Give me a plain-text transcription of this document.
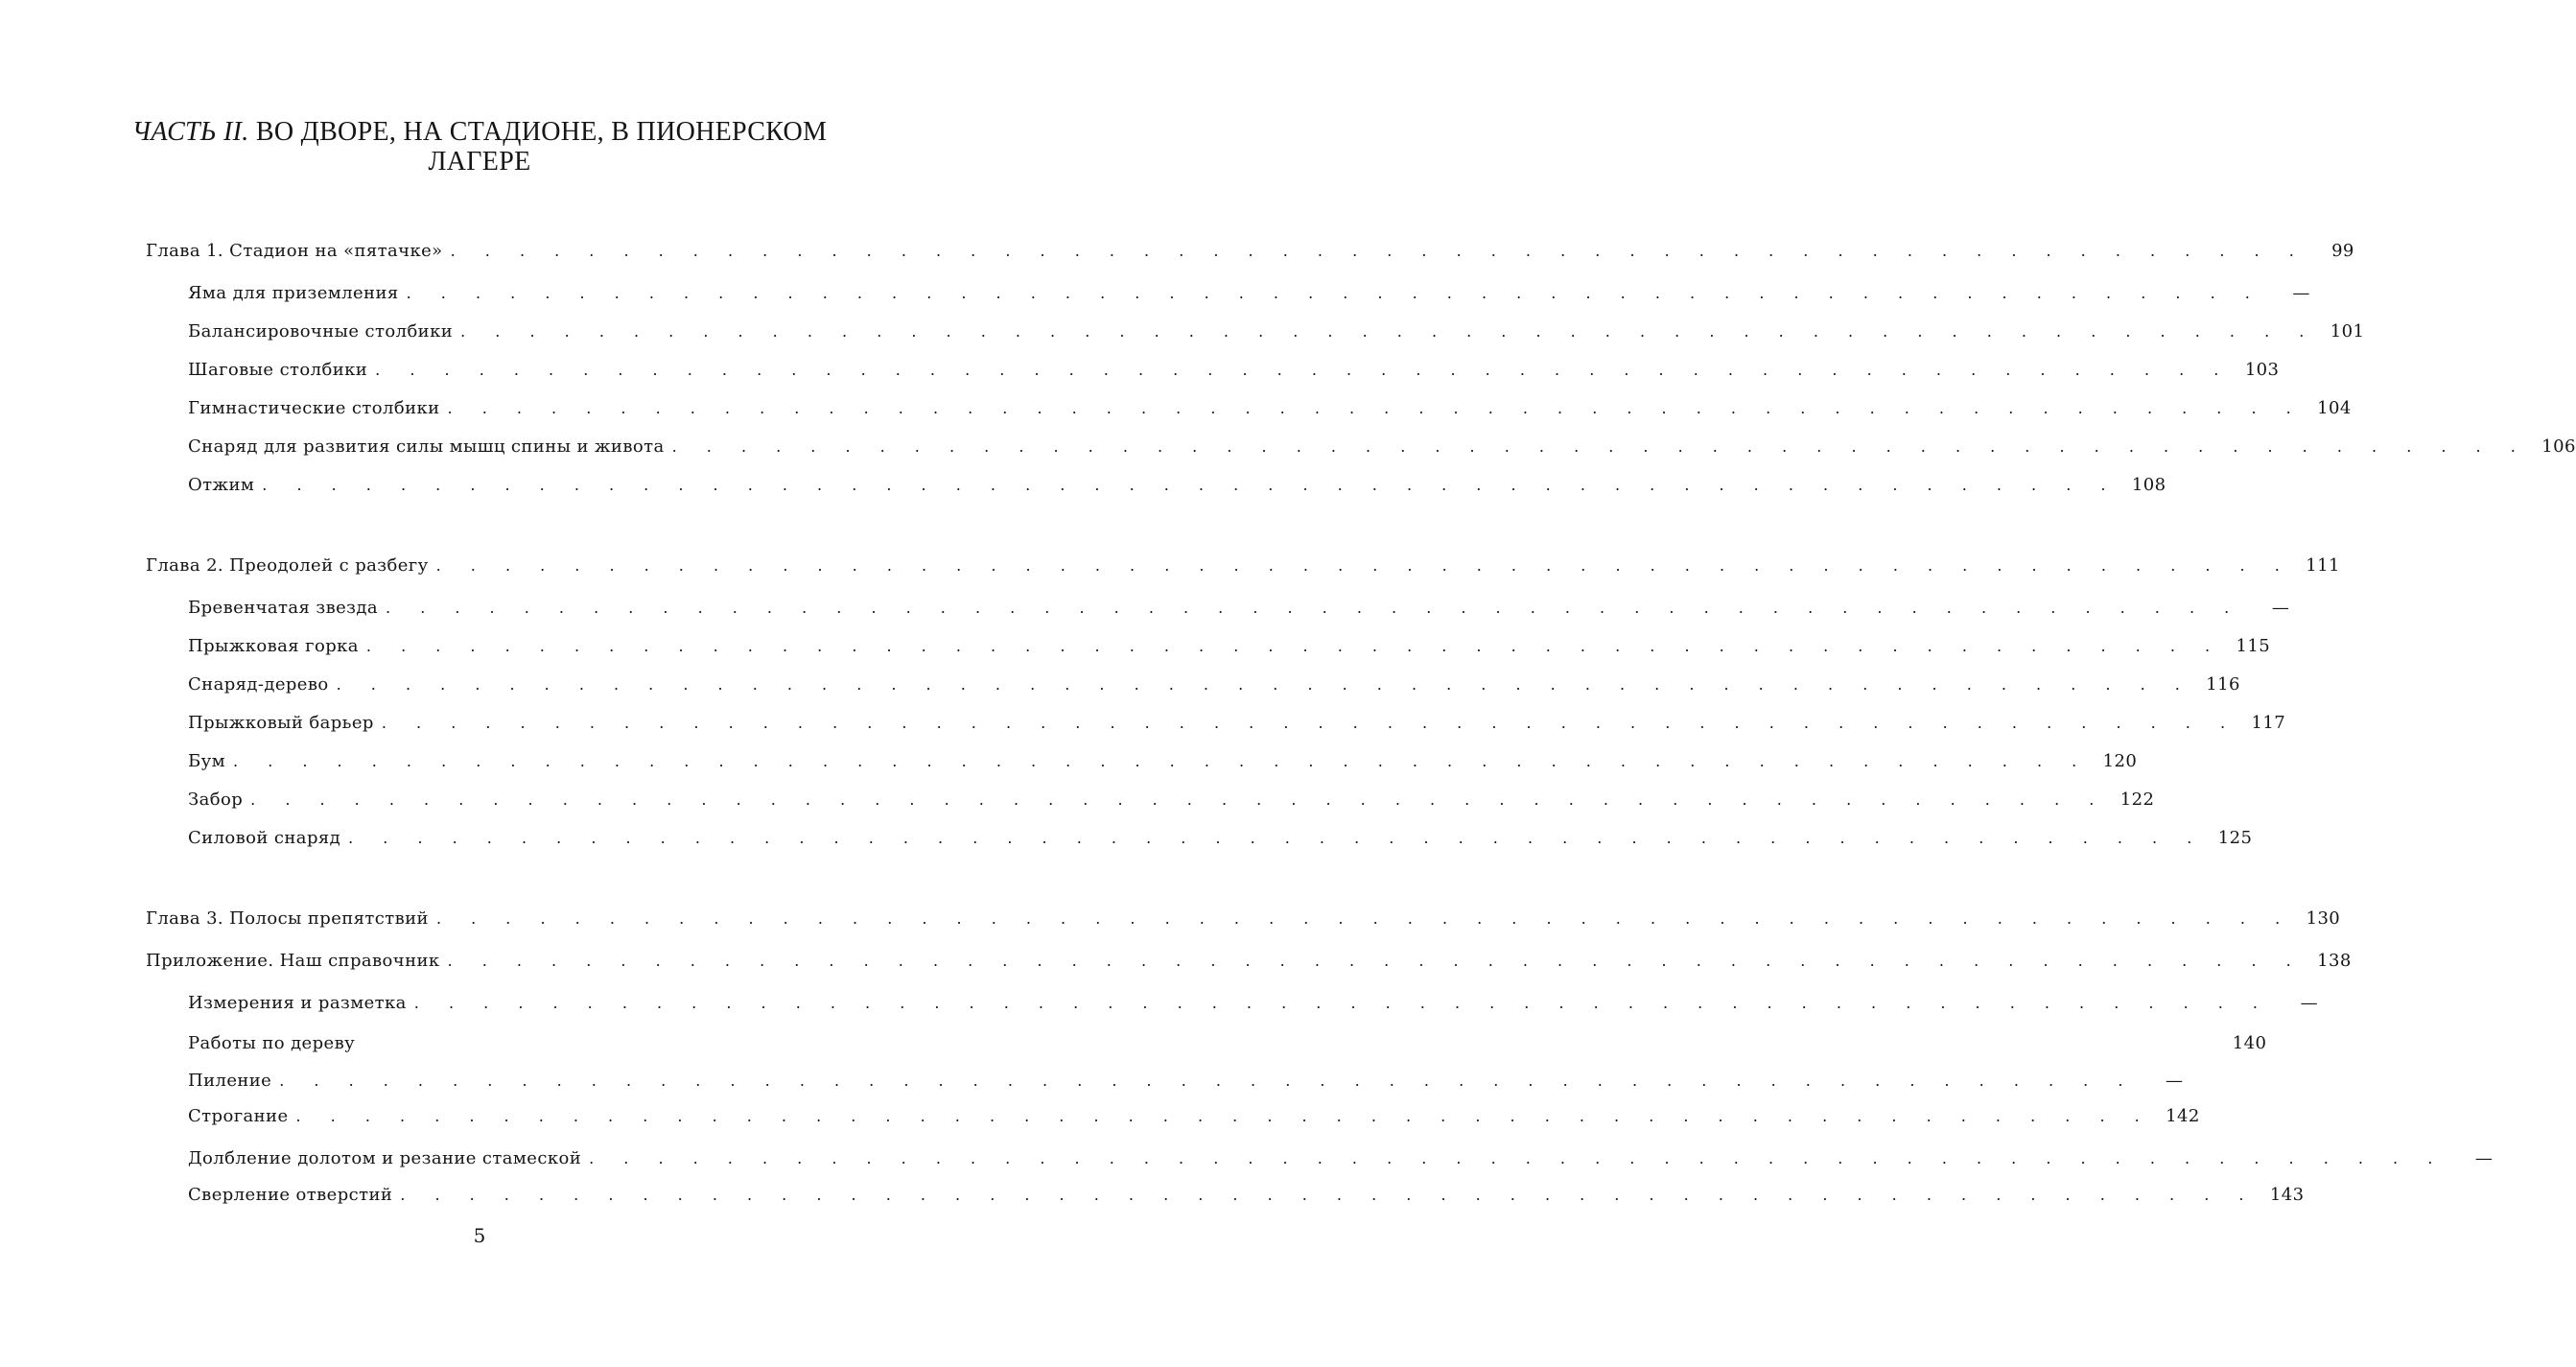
ЧАСТЬ II. ВО ДВОРЕ, НА СТАДИОНЕ, В ПИОНЕРСКОМ
ЛАГЕРЕ
Глава 1. Стадион на «пятачке» . . . . . . . . . . . . . . . . . . . . . . . . . . . . . . . . . . . . . . . . . . . . . . . . . . . . . .	99
Яма для приземления . . . . . . . . . . . . . . . . . . . . . . . . . . . . . . . . . . . . . . . . . . . . . . . . . . . . . .	—
Балансировочные столбики . . . . . . . . . . . . . . . . . . . . . . . . . . . . . . . . . . . . . . . . . . . . . . . . . . . . . . 101
Шаговые столбики . . . . . . . . . . . . . . . . . . . . . . . . . . . . . . . . . . . . . . . . . . . . . . . . . . . . . . 103
Гимнастические столбики . . . . . . . . . . . . . . . . . . . . . . . . . . . . . . . . . . . . . . . . . . . . . . . . . . . . . . 104
Снаряд для развития силы мышц спины и живота . . . . . . . . . . . . . . . . . . . . . . . . . . . . . . . . . . . . . . . . . . . . . . . . . . . . . . 106
Отжим . . . . . . . . . . . . . . . . . . . . . . . . . . . . . . . . . . . . . . . . . . . . . . . . . . . . . . 108
Глава 2. Преодолей с разбегу . . . . . . . . . . . . . . . . . . . . . . . . . . . . . . . . . . . . . . . . . . . . . . . . . . . . . . 111
Бревенчатая звезда . . . . . . . . . . . . . . . . . . . . . . . . . . . . . . . . . . . . . . . . . . . . . . . . . . . . . .	—
Прыжковая горка . . . . . . . . . . . . . . . . . . . . . . . . . . . . . . . . . . . . . . . . . . . . . . . . . . . . . . 115
Снаряд-дерево . . . . . . . . . . . . . . . . . . . . . . . . . . . . . . . . . . . . . . . . . . . . . . . . . . . . . . 116
Прыжковый барьер . . . . . . . . . . . . . . . . . . . . . . . . . . . . . . . . . . . . . . . . . . . . . . . . . . . . . . 117
Бум . . . . . . . . . . . . . . . . . . . . . . . . . . . . . . . . . . . . . . . . . . . . . . . . . . . . . . 120
Забор . . . . . . . . . . . . . . . . . . . . . . . . . . . . . . . . . . . . . . . . . . . . . . . . . . . . . . 122
Силовой снаряд . . . . . . . . . . . . . . . . . . . . . . . . . . . . . . . . . . . . . . . . . . . . . . . . . . . . . . 125
Глава 3. Полосы препятствий . . . . . . . . . . . . . . . . . . . . . . . . . . . . . . . . . . . . . . . . . . . . . . . . . . . . . . 130
Приложение. Наш справочник . . . . . . . . . . . . . . . . . . . . . . . . . . . . . . . . . . . . . . . . . . . . . . . . . . . . . . 138
Измерения и разметка . . . . . . . . . . . . . . . . . . . . . . . . . . . . . . . . . . . . . . . . . . . . . . . . . . . . . .	—
Работы по дереву	140
Пиление . . . . . . . . . . . . . . . . . . . . . . . . . . . . . . . . . . . . . . . . . . . . . . . . . . . . . .	—
Строгание . . . . . . . . . . . . . . . . . . . . . . . . . . . . . . . . . . . . . . . . . . . . . . . . . . . . . . 142
Долбление долотом и резание стамеской . . . . . . . . . . . . . . . . . . . . . . . . . . . . . . . . . . . . . . . . . . . . . . . . . . . . . .	—
Сверление отверстий . . . . . . . . . . . . . . . . . . . . . . . . . . . . . . . . . . . . . . . . . . . . . . . . . . . . . . 143
5
